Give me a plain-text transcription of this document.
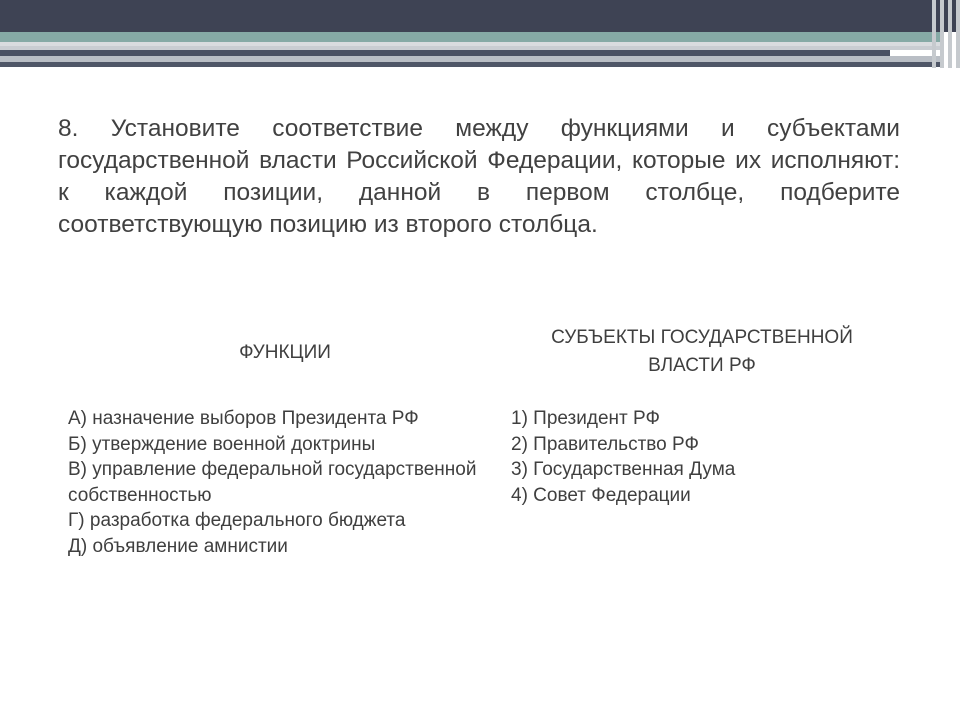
8. Установите соответствие между функциями и субъектами государственной власти Российской Федерации, которые их исполняют: к каждой позиции, данной в первом столбце, подберите соответствующую позицию из второго столбца.

ФУНКЦИИ

СУБЪЕКТЫ ГОСУДАРСТВЕННОЙ ВЛАСТИ РФ

А) назначение выборов Президента РФ
Б) утверждение военной доктрины
В) управление федеральной государственной собственностью
Г) разработка федерального бюджета
Д) объявление амнистии
1) Президент РФ
2) Правительство РФ
3) Государственная Дума
4) Совет Федерации
